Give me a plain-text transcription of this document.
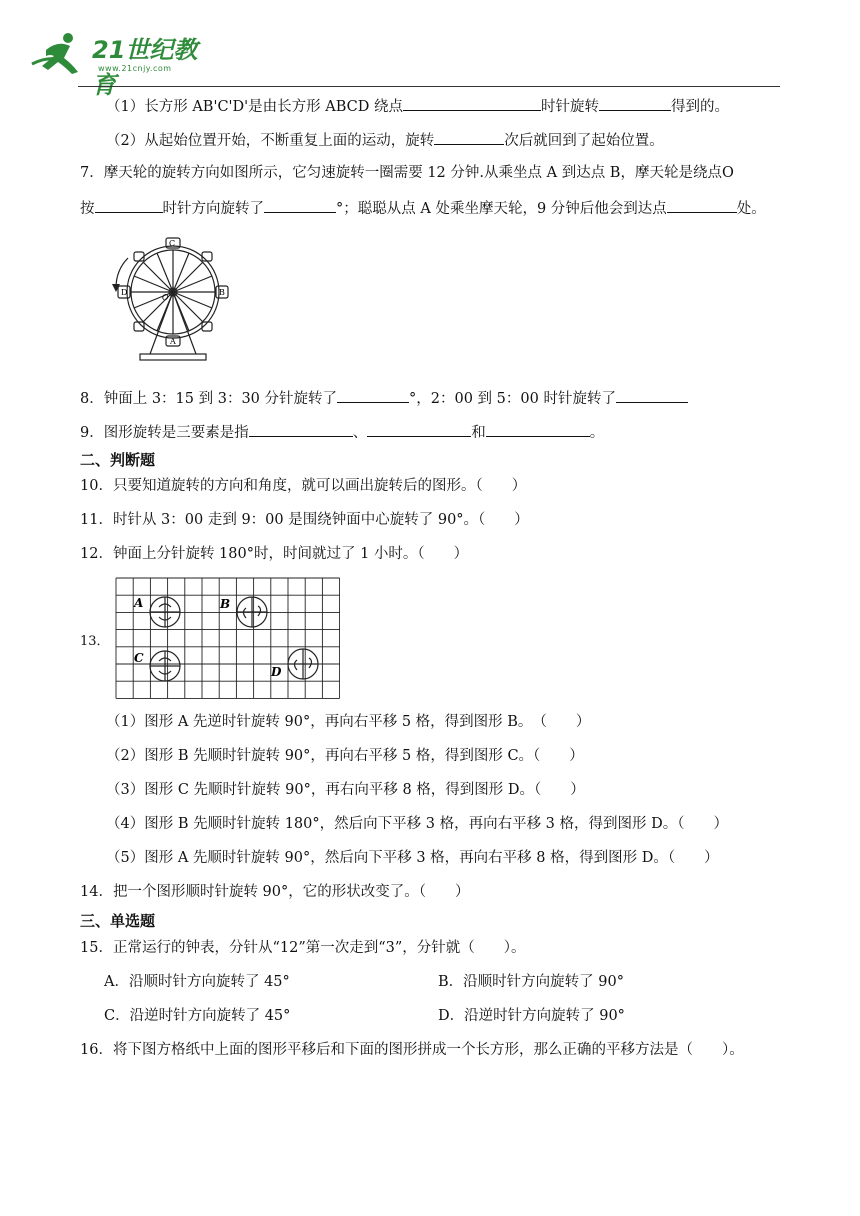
21世纪教育
www.21cnjy.com
（1）长方形 AB'C'D'是由长方形 ABCD 绕点	时针旋转	得到的。
（2）从起始位置开始，不断重复上面的运动，旋转	次后就回到了起始位置。
7．摩天轮的旋转方向如图所示，它匀速旋转一圈需要 12 分钟.从乘坐点 A 到达点 B，摩天轮是绕点O
按	时针方向旋转了	°；聪聪从点 A 处乘坐摩天轮，9 分钟后他会到达点	处。
C
D	B
A
O
8．钟面上 3：15 到 3：30 分针旋转了	°，2：00 到 5：00 时针旋转了
9．图形旋转是三要素是指	、	和	。
二、判断题
10．只要知道旋转的方向和角度，就可以画出旋转后的图形。（　　）
11．时针从 3：00 走到 9：00 是围绕钟面中心旋转了 90°。（　　）
12．钟面上分针旋转 180°时，时间就过了 1 小时。（　　）
13．
A	B
C
D
（1）图形 A 先逆时针旋转 90°，再向右平移 5 格，得到图形 B。　（　　）
（2）图形 B 先顺时针旋转 90°，再向右平移 5 格，得到图形 C。（　　）
（3）图形 C 先顺时针旋转 90°，再右向平移 8 格，得到图形 D。（　　）
（4）图形 B 先顺时针旋转 180°，然后向下平移 3 格，再向右平移 3 格，得到图形 D。（　　）
（5）图形 A 先顺时针旋转 90°，然后向下平移 3 格，再向右平移 8 格，得到图形 D。（　　）
14．把一个图形顺时针旋转 90°，它的形状改变了。（　　）
三、单选题
15．正常运行的钟表，分针从“12”第一次走到“3”，分针就（　　）。
A．沿顺时针方向旋转了 45°	B．沿顺时针方向旋转了 90°
C．沿逆时针方向旋转了 45°	D．沿逆时针方向旋转了 90°
16．将下图方格纸中上面的图形平移后和下面的图形拼成一个长方形，那么正确的平移方法是（　　）。
